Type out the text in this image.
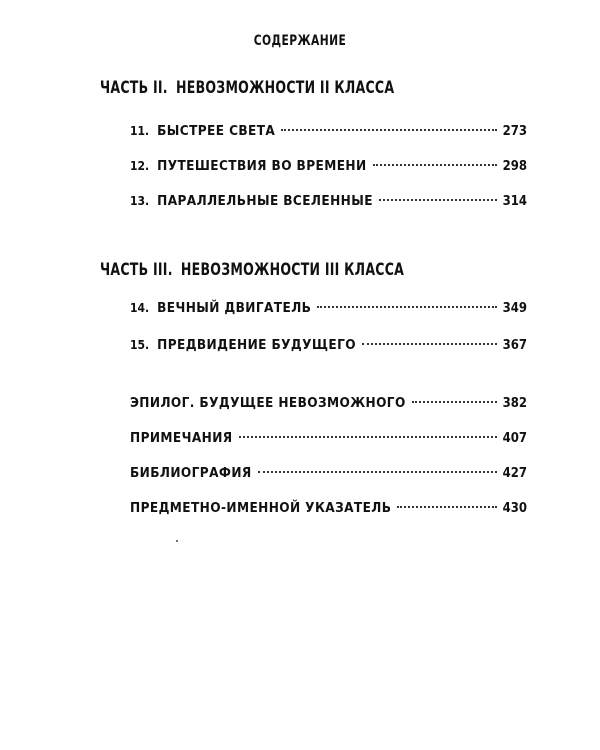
СОДЕРЖАНИЕ
ЧАСТЬ II. НЕВОЗМОЖНОСТИ II КЛАССА
11. БЫСТРЕЕ СВЕТА	273
12. ПУТЕШЕСТВИЯ ВО ВРЕМЕНИ	298
13. ПАРАЛЛЕЛЬНЫЕ ВСЕЛЕННЫЕ	314
ЧАСТЬ III. НЕВОЗМОЖНОСТИ III КЛАССА
14. ВЕЧНЫЙ ДВИГАТЕЛЬ	349
15. ПРЕДВИДЕНИЕ БУДУЩЕГО	367
ЭПИЛОГ. БУДУЩЕЕ НЕВОЗМОЖНОГО	382
ПРИМЕЧАНИЯ	407
БИБЛИОГРАФИЯ	427
ПРЕДМЕТНО-ИМЕННОЙ УКАЗАТЕЛЬ	430
